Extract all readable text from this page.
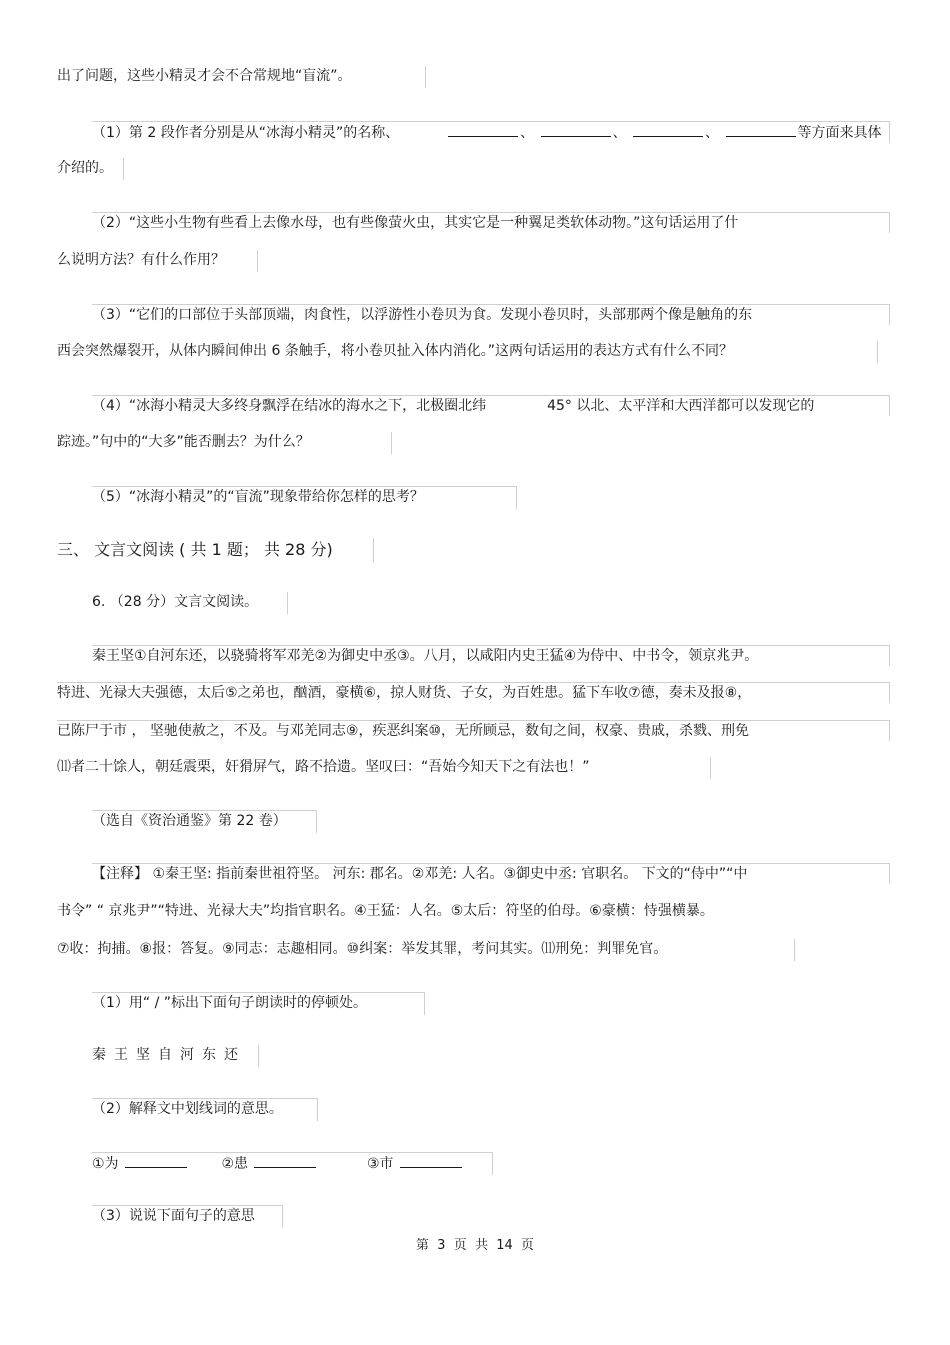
出了问题，这些小精灵才会不合常规地“盲流”。
（1）第 2 段作者分别是从“冰海小精灵”的名称、	、	、	、	等方面来具体
介绍的。
（2）“这些小生物有些看上去像水母，也有些像萤火虫，其实它是一种翼足类软体动物。”这句话运用了什
么说明方法？有什么作用？
（3）“它们的口部位于头部顶端，肉食性，以浮游性小卷贝为食。发现小卷贝时，头部那两个像是触角的东
西会突然爆裂开，从体内瞬间伸出 6 条触手，将小卷贝扯入体内消化。”这两句话运用的表达方式有什么不同？
（4）“冰海小精灵大多终身飘浮在结冰的海水之下，北极圈北纬	45° 以北、太平洋和大西洋都可以发现它的
踪迹。”句中的“大多”能否删去？为什么？
（5）“冰海小精灵”的“盲流”现象带给你怎样的思考？
三、 文言文阅读 ( 共 1 题； 共 28 分)
6. （28 分）文言文阅读。
秦王坚①自河东还，以骁骑将军邓羌②为御史中丞③。八月，以咸阳内史王猛④为侍中、中书令，领京兆尹。
特进、光禄大夫强德，太后⑤之弟也，酗酒，豪横⑥，掠人财货、子女，为百姓患。猛下车收⑦德，奏未及报⑧，
已陈尸于市 ， 坚驰使赦之，不及。与邓羌同志⑨，疾恶纠案⑩，无所顾忌，数旬之间，权豪、贵戚，杀戮、刑免
⑾者二十馀人，朝廷震栗，奸猾屏气，路不拾遗。坚叹曰：“吾始今知天下之有法也！”
（选自《资治通鉴》第 22 卷）
【注释】 ①秦王坚: 指前秦世祖符坚。 河东: 郡名。②邓羌: 人名。③御史中丞: 官职名。 下文的“侍中”“中
书令” “ 京兆尹”“特进、光禄大夫”均指官职名。④王猛：人名。⑤太后：符坚的伯母。⑥豪横：恃强横暴。
⑦收：拘捕。⑧报：答复。⑨同志：志趣相同。⑩纠案：举发其罪，考问其实。⑾刑免：判罪免官。
（1）用“ / ”标出下面句子朗读时的停顿处。
秦王坚自河东还
（2）解释文中划线词的意思。
①为	②患	③市
（3）说说下面句子的意思
第  3  页  共  14  页
